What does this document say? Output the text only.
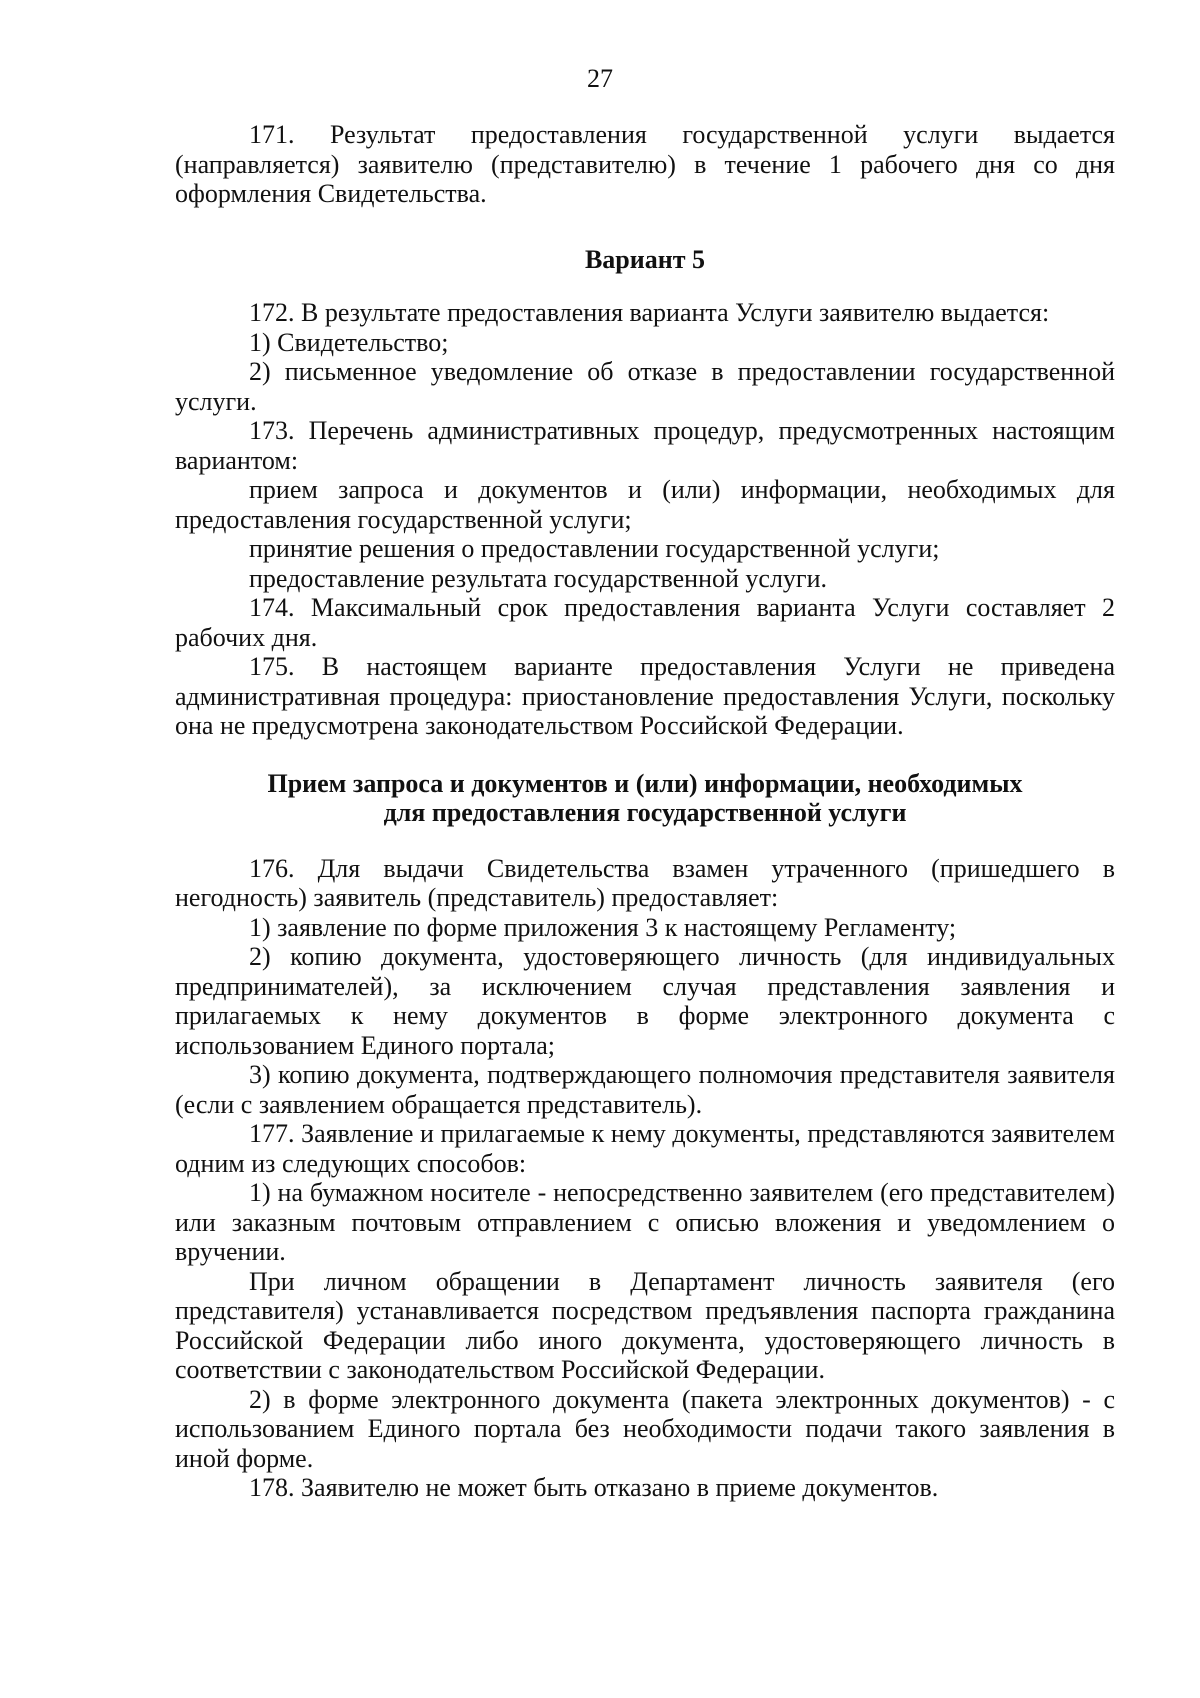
27

171. Результат предоставления государственной услуги выдается (направляется) заявителю (представителю) в течение 1 рабочего дня со дня оформления Свидетельства.

Вариант 5

172. В результате предоставления варианта Услуги заявителю выдается:

1) Свидетельство;

2) письменное уведомление об отказе в предоставлении государственной услуги.

173. Перечень административных процедур, предусмотренных настоящим вариантом:

прием запроса и документов и (или) информации, необходимых для предоставления государственной услуги;

принятие решения о предоставлении государственной услуги;

предоставление результата государственной услуги.

174. Максимальный срок предоставления варианта Услуги составляет 2 рабочих дня.

175. В настоящем варианте предоставления Услуги не приведена административная процедура: приостановление предоставления Услуги, поскольку она не предусмотрена законодательством Российской Федерации.

Прием запроса и документов и (или) информации, необходимых
для предоставления государственной услуги

176. Для выдачи Свидетельства взамен утраченного (пришедшего в негодность) заявитель (представитель) предоставляет:

1) заявление по форме приложения 3 к настоящему Регламенту;

2) копию документа, удостоверяющего личность (для индивидуальных предпринимателей), за исключением случая представления заявления и прилагаемых к нему документов в форме электронного документа с использованием Единого портала;

3) копию документа, подтверждающего полномочия представителя заявителя (если с заявлением обращается представитель).

177. Заявление и прилагаемые к нему документы, представляются заявителем одним из следующих способов:

1) на бумажном носителе - непосредственно заявителем (его представителем) или заказным почтовым отправлением с описью вложения и уведомлением о вручении.

При личном обращении в Департамент личность заявителя (его представителя) устанавливается посредством предъявления паспорта гражданина Российской Федерации либо иного документа, удостоверяющего личность в соответствии с законодательством Российской Федерации.

2) в форме электронного документа (пакета электронных документов) - с использованием Единого портала без необходимости подачи такого заявления в иной форме.

178. Заявителю не может быть отказано в приеме документов.
